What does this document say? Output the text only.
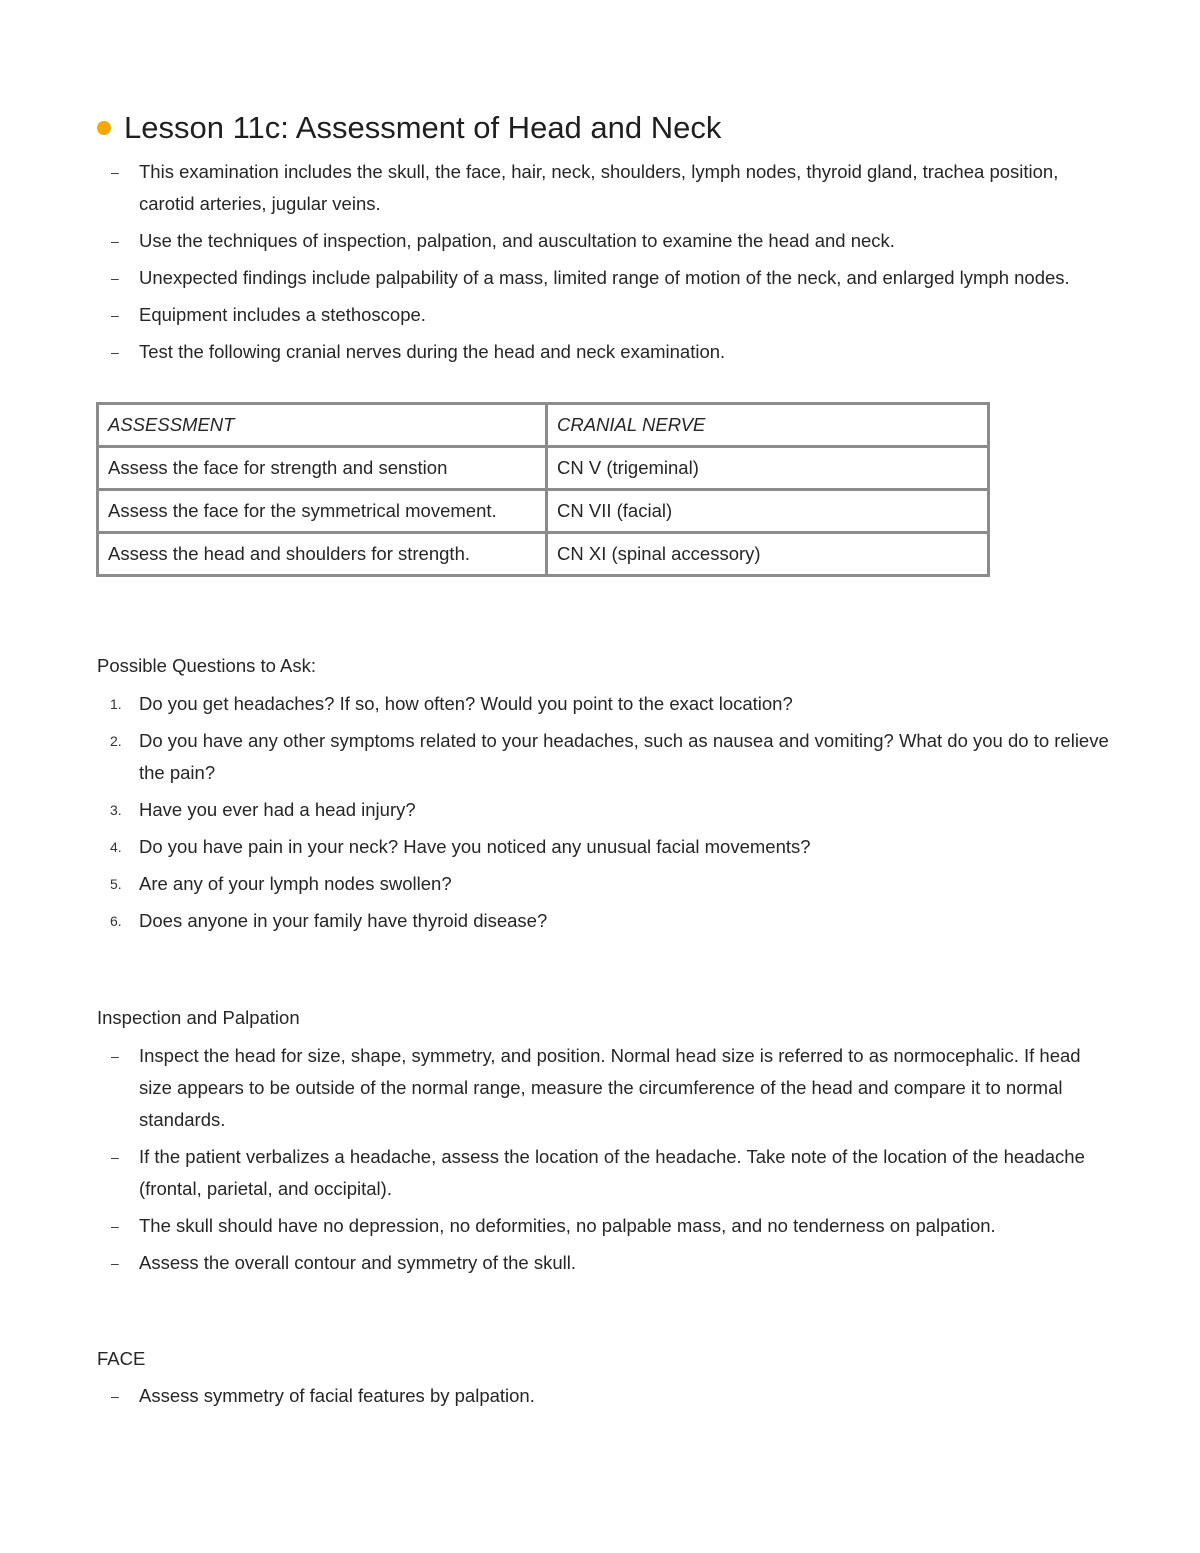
Lesson 11c: Assessment of Head and Neck
–	This examination includes the skull, the face, hair, neck, shoulders, lymph nodes, thyroid gland, trachea position, carotid arteries, jugular veins.
–	Use the techniques of inspection, palpation, and auscultation to examine the head and neck.
–	Unexpected findings include palpability of a mass, limited range of motion of the neck, and enlarged lymph nodes.
–	Equipment includes a stethoscope.
–	Test the following cranial nerves during the head and neck examination.
ASSESSMENT	CRANIAL NERVE
Assess the face for strength and senstion	CN V (trigeminal)
Assess the face for the symmetrical movement.	CN VII (facial)
Assess the head and shoulders for strength.	CN XI (spinal accessory)
Possible Questions to Ask:
1. Do you get headaches? If so, how often? Would you point to the exact location?
2. Do you have any other symptoms related to your headaches, such as nausea and vomiting? What do you do to relieve the pain?
3. Have you ever had a head injury?
4. Do you have pain in your neck? Have you noticed any unusual facial movements?
5. Are any of your lymph nodes swollen?
6. Does anyone in your family have thyroid disease?
Inspection and Palpation
–	Inspect the head for size, shape, symmetry, and position. Normal head size is referred to as normocephalic. If head size appears to be outside of the normal range, measure the circumference of the head and compare it to normal standards.
–	If the patient verbalizes a headache, assess the location of the headache. Take note of the location of the headache (frontal, parietal, and occipital).
–	The skull should have no depression, no deformities, no palpable mass, and no tenderness on palpation.
–	Assess the overall contour and symmetry of the skull.
FACE
–	Assess symmetry of facial features by palpation.
